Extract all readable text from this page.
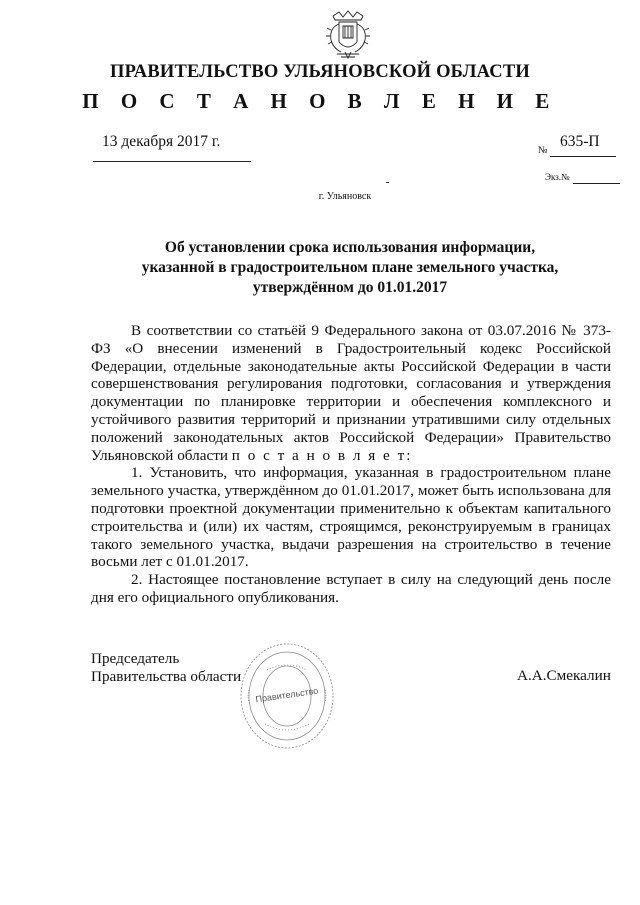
ПРАВИТЕЛЬСТВО УЛЬЯНОВСКОЙ ОБЛАСТИ
П О С Т А Н О В Л Е Н И Е
13 декабря 2017 г.
№
635-П
Экз.№
г. Ульяновск
Об установлении срока использования информации,
указанной в градостроительном плане земельного участка,
утверждённом до 01.01.2017

В соответствии со статьёй 9 Федерального закона от 03.07.2016 № 373-ФЗ «О внесении изменений в Градостроительный кодекс Российской Федерации, отдельные законодательные акты Российской Федерации в части совершенствования регулирования подготовки, согласования и утверждения документации по планировке территории и обеспечения комплексного и устойчивого развития территорий и признании утратившими силу отдельных положений законодательных актов Российской Федерации» Правительство Ульяновской области п о с т а н о в л я е т:

1. Установить, что информация, указанная в градостроительном плане земельного участка, утверждённом до 01.01.2017, может быть использована для подготовки проектной документации применительно к объектам капитального строительства и (или) их частям, строящимся, реконструируемым в границах такого земельного участка, выдачи разрешения на строительство в течение восьми лет с 01.01.2017.

2. Настоящее постановление вступает в силу на следующий день после дня его официального опубликования.

Председатель
Правительства области	А.А.Смекалин
Правительство
